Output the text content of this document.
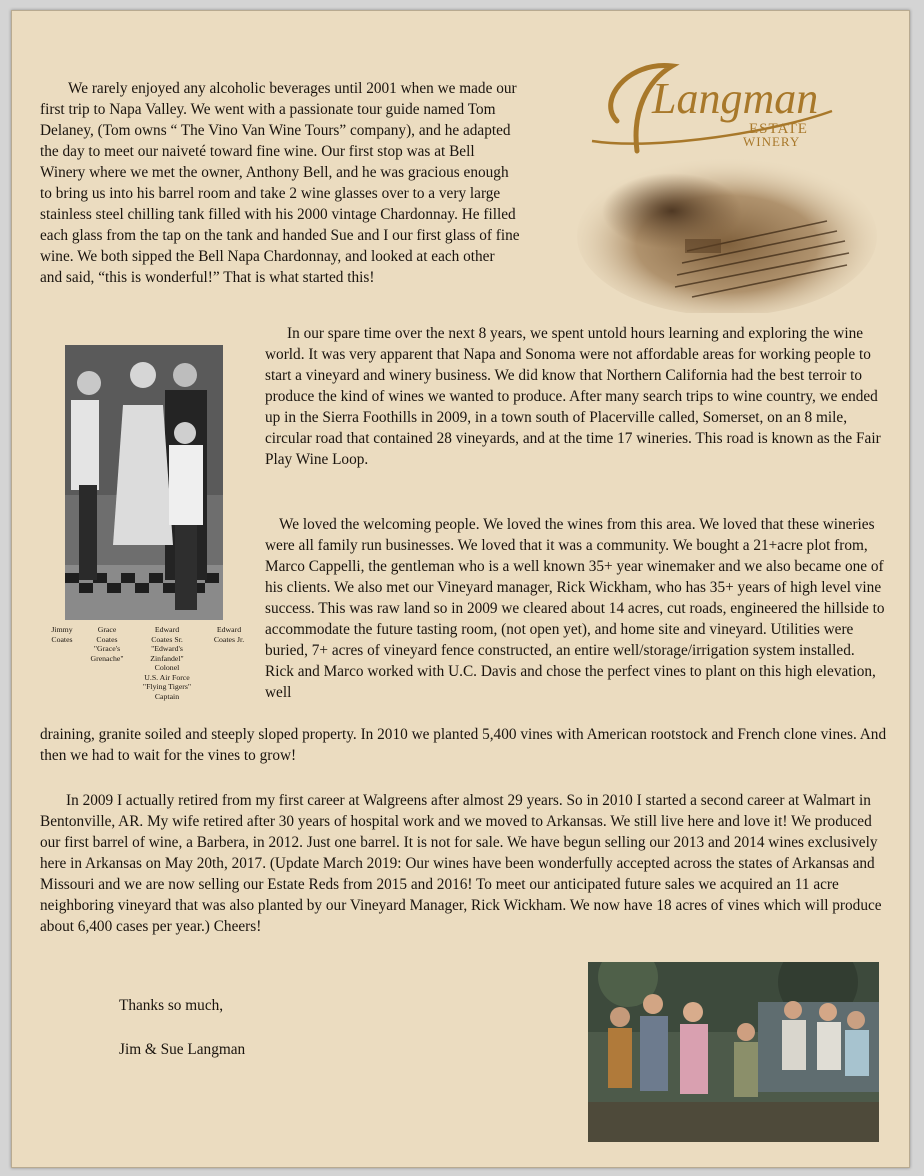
We rarely enjoyed any alcoholic beverages until 2001 when we made our first trip to Napa Valley. We went with a passionate tour guide named Tom Delaney, (Tom owns “ The Vino Van Wine Tours” company), and he adapted the day to meet our naiveté toward fine wine. Our first stop was at Bell Winery where we met the owner, Anthony Bell, and he was gracious enough to bring us into his barrel room and take 2 wine glasses over to a very large stainless steel chilling tank filled with his 2000 vintage Chardonnay. He filled each glass from the tap on the tank and handed Sue and I our first glass of fine wine. We both sipped the Bell Napa Chardonnay, and looked at each other and said, “this is wonderful!” That is what started this!

Langman
ESTATE
WINERY
Jimmy
Coates
Grace
Coates
"Grace's
Grenache"
Edward
Coates Sr.
"Edward's
Zinfandel"
Colonel
U.S. Air Force
"Flying Tigers"
Captain
Edward
Coates Jr.

In our spare time over the next 8 years, we spent untold hours learning and exploring the wine world. It was very apparent that Napa and Sonoma were not affordable areas for working people to start a vineyard and winery business. We did know that Northern California had the best terroir to produce the kind of wines we wanted to produce. After many search trips to wine country, we ended up in the Sierra Foothills in 2009, in a town south of Placerville called, Somerset, on an 8 mile, circular road that contained 28 vineyards, and at the time 17 wineries. This road is known as the Fair Play Wine Loop.

We loved the welcoming people. We loved the wines from this area. We loved that these wineries were all family run businesses. We loved that it was a community. We bought a 21+acre plot from, Marco Cappelli, the gentleman who is a well known 35+ year winemaker and we also became one of his clients. We also met our Vineyard manager, Rick Wickham, who has 35+ years of high level vine success. This was raw land so in 2009 we cleared about 14 acres, cut roads, engineered the hillside to accommodate the future tasting room, (not open yet), and home site and vineyard. Utilities were buried, 7+ acres of vineyard fence constructed, an entire well/storage/irrigation system installed. Rick and Marco worked with U.C. Davis and chose the perfect vines to plant on this high elevation, well

draining, granite soiled and steeply sloped property. In 2010 we planted 5,400 vines with American rootstock and French clone vines. And then we had to wait for the vines to grow!

In 2009 I actually retired from my first career at Walgreens after almost 29 years. So in 2010 I started a second career at Walmart in Bentonville, AR. My wife retired after 30 years of hospital work and we moved to Arkansas. We still live here and love it! We produced our first barrel of wine, a Barbera, in 2012. Just one barrel. It is not for sale. We have begun selling our 2013 and 2014 wines exclusively here in Arkansas on May 20th, 2017. (Update March 2019: Our wines have been wonderfully accepted across the states of Arkansas and Missouri and we are now selling our Estate Reds from 2015 and 2016! To meet our anticipated future sales we acquired an 11 acre neighboring vineyard that was also planted by our Vineyard Manager, Rick Wickham. We now have 18 acres of vines which will produce about 6,400 cases per year.) Cheers!

Thanks so much,
Jim & Sue Langman
